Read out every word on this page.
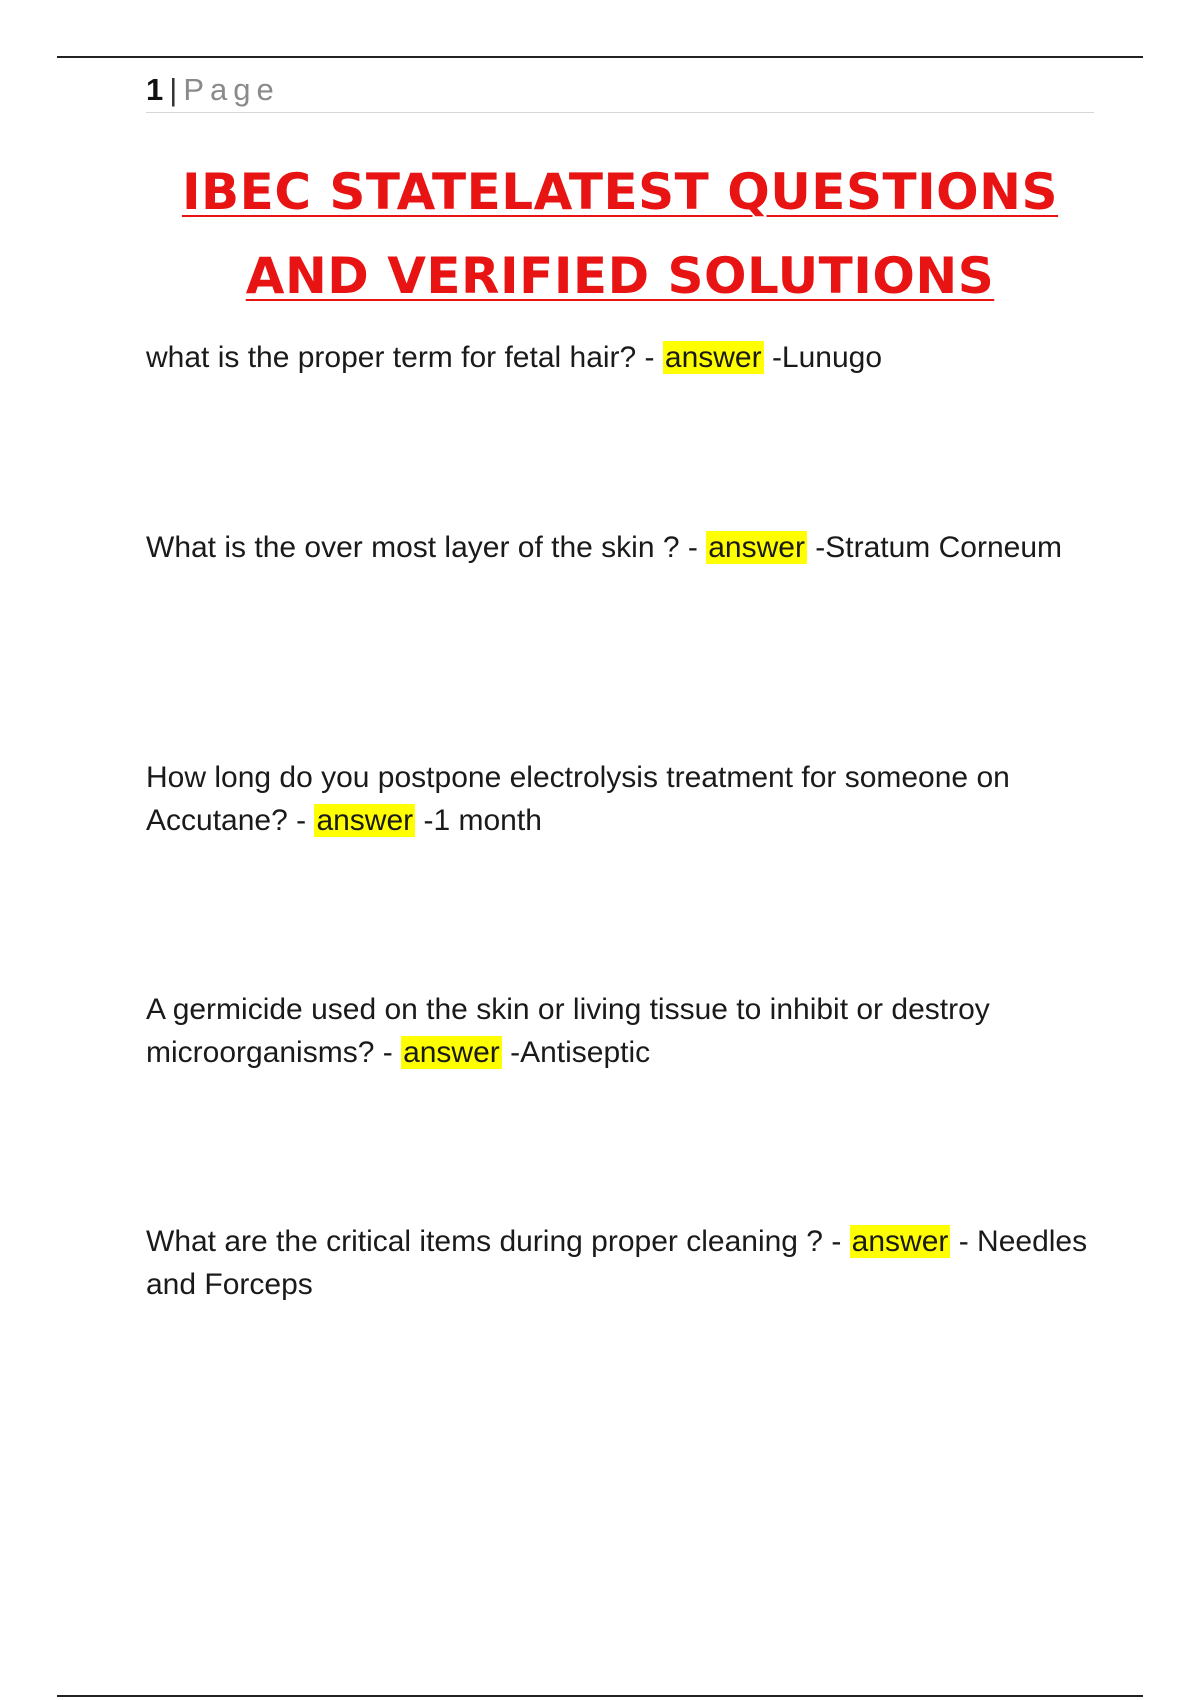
1 | Page
IBEC STATELATEST QUESTIONS
AND VERIFIED SOLUTIONS

what is the proper term for fetal hair? - answer -Lunugo

What is the over most layer of the skin ? - answer -Stratum Corneum

How long do you postpone electrolysis treatment for someone on Accutane? - answer -1 month

A germicide used on the skin or living tissue to inhibit or destroy microorganisms? - answer -Antiseptic

What are the critical items during proper cleaning ? - answer - Needles and Forceps
